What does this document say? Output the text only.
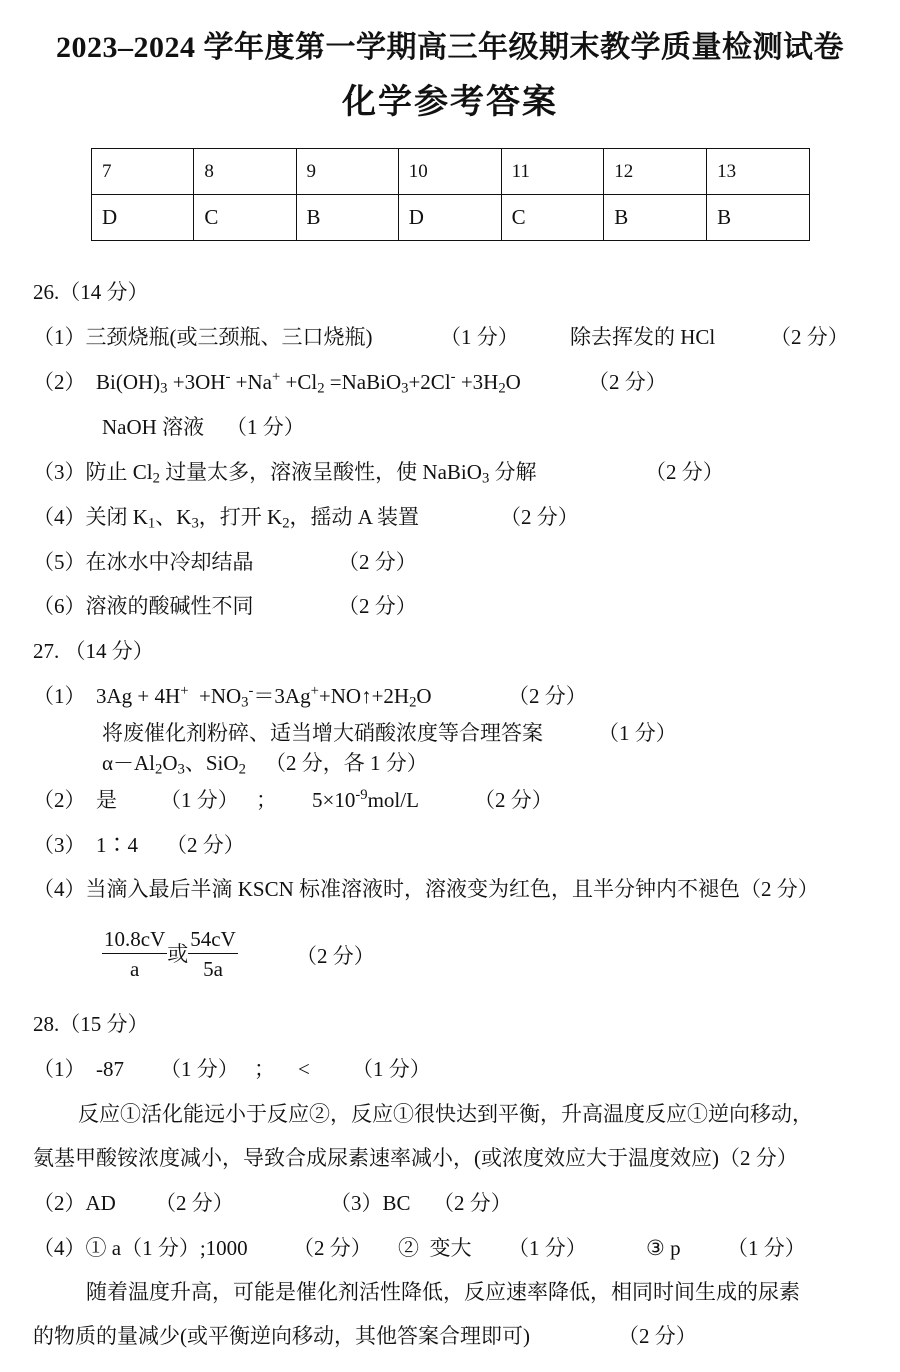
2023–2024 学年度第一学期高三年级期末教学质量检测试卷
化学参考答案
7	8	9	10	11	12	13
D	C	B	D	C	B	B
26.（14 分）
（1）三颈烧瓶(或三颈瓶、三口烧瓶)	（1 分） 除去挥发的 HCl	（2 分）
（2） $Bi(OH)_3 +3OH^- +Na^+ +Cl_2$ =NaBiO$_3$+2Cl- $+3H_2O$	（2 分）
NaOH 溶液 （1 分）
（3）防止 $Cl_2$ 过量太多，溶液呈酸性，使 NaBiO$_3$ 分解	（2 分）
（4）关闭 $K_1$、$K_3$，打开 $K_2$，摇动 A 装置	（2 分）
（5）在冰水中冷却结晶	（2 分）
（6）溶液的酸碱性不同	（2 分）
27. （14 分）
（1） $3Ag + 4H^+ +NO_3^-=3Ag^++NO↑+2H_2O$	（2 分）
将废催化剂粉碎、适当增大硝酸浓度等合理答案	（1 分）
$\alpha-Al_2O_3$、SiO$_2$ （2 分，各 1 分）
（2） 是 （1 分） ； $5\times 10^{-9}mol/L$	（2 分）
（3） 1∶4 （2 分）
（4）当滴入最后半滴 KSCN 标准溶液时，溶液变为红色，且半分钟内不褪色（2 分）
$\frac{10.8cV}{a}$ 或 $\frac{54cV}{5a}$	（2 分）
28.（15 分）
（1） -87 （1 分） ； < （1 分）
反应①活化能远小于反应②，反应①很快达到平衡，升高温度反应①逆向移动，
氨基甲酸铵浓度减小，导致合成尿素速率减小，(或浓度效应大于温度效应)（2 分）
（2）AD （2 分）	（3）BC （2 分）
（4）① a（1 分）;1000 （2 分） ②  变大 （1 分）	③ p （1 分）
随着温度升高，可能是催化剂活性降低，反应速率降低，相同时间生成的尿素
的物质的量减少(或平衡逆向移动，其他答案合理即可)	（2 分）
